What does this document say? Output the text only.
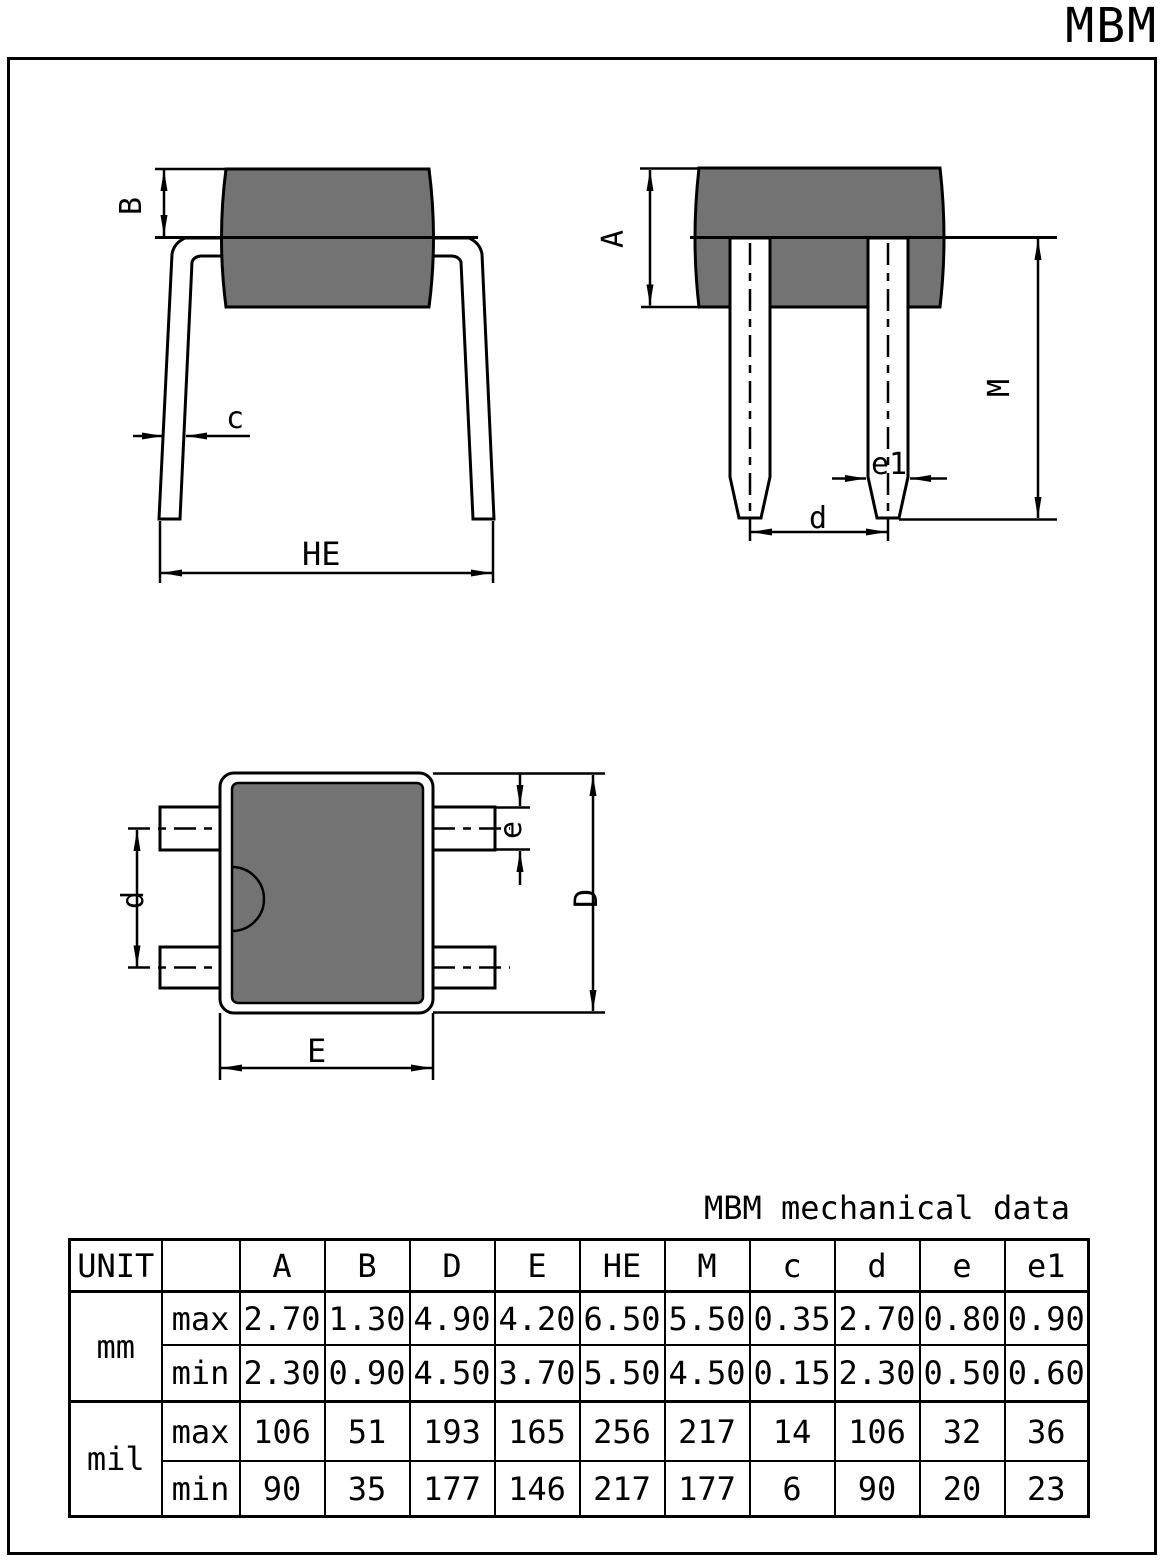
MBM
B
c
HE
A
M
e1
d
d
e
D
E
MBM mechanical data
UNIT		A	B	D	E	HE	M	c	d	e	e1
mm	max	2.70	1.30	4.90	4.20	6.50	5.50	0.35	2.70	0.80	0.90
	min	2.30	0.90	4.50	3.70	5.50	4.50	0.15	2.30	0.50	0.60
mil	max	106	51	193	165	256	217	14	106	32	36
	min	90	35	177	146	217	177	6	90	20	23
